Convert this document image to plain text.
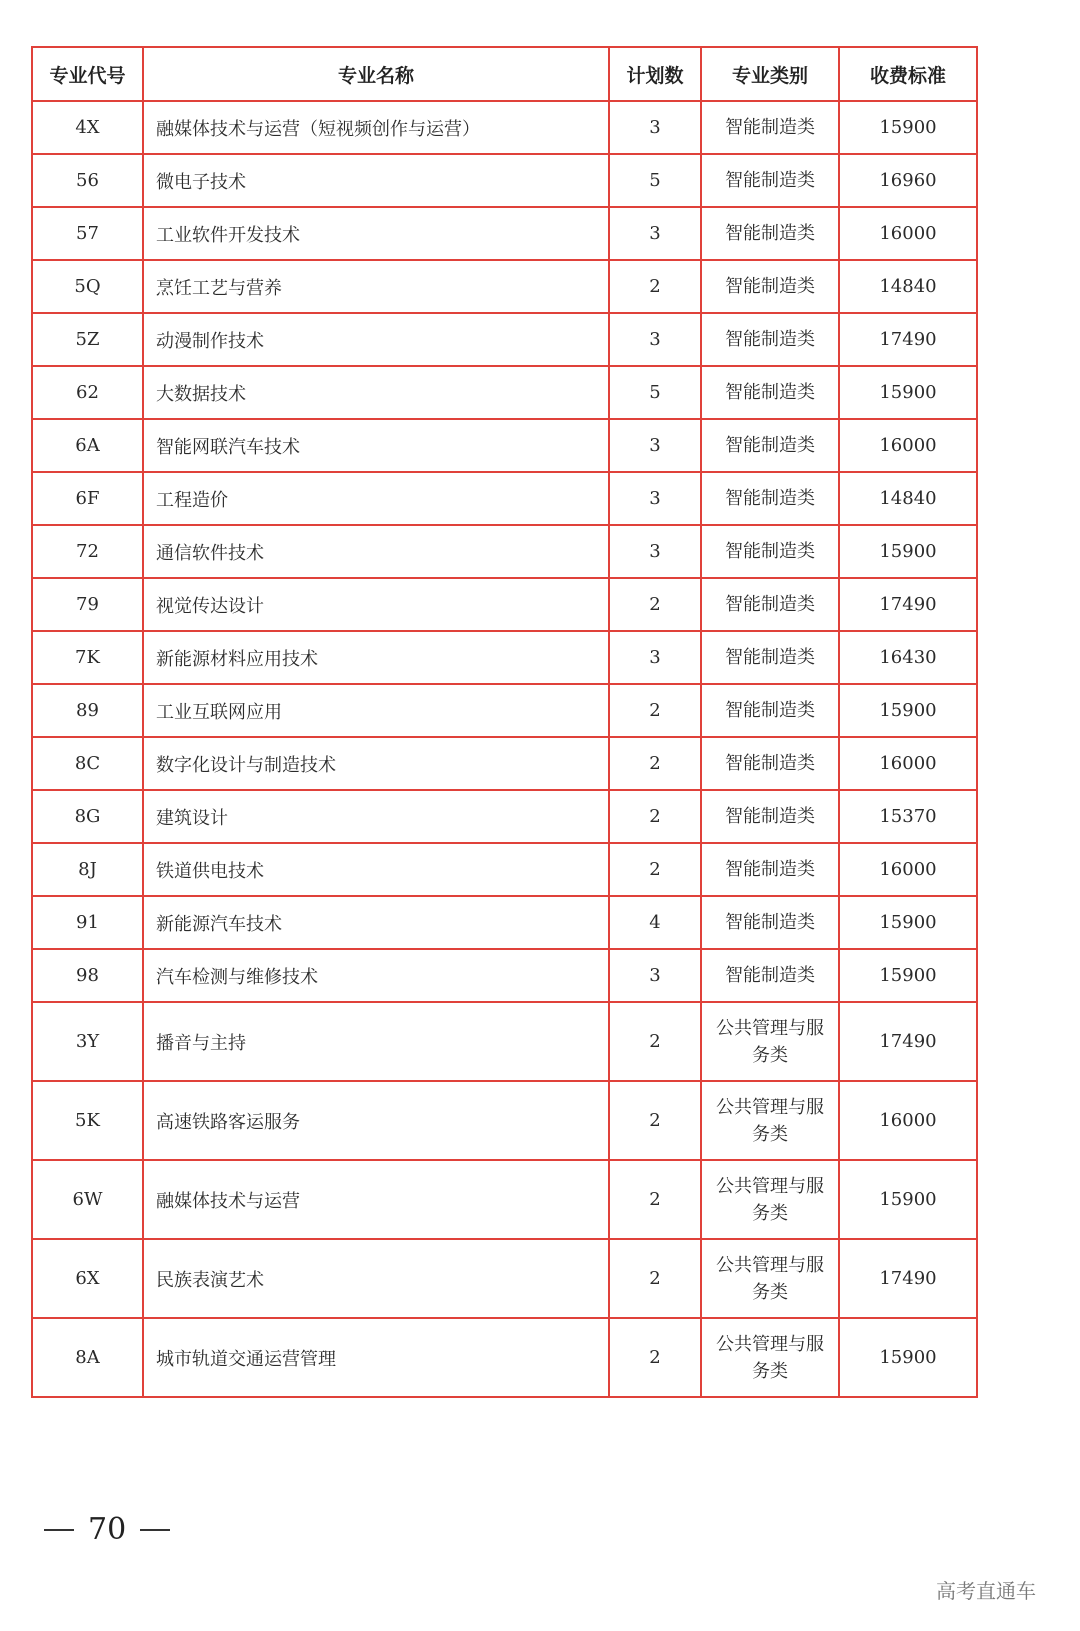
专业代号	专业名称	计划数	专业类别	收费标准
4X	融媒体技术与运营（短视频创作与运营）	3	智能制造类	15900
56	微电子技术	5	智能制造类	16960
57	工业软件开发技术	3	智能制造类	16000
5Q	烹饪工艺与营养	2	智能制造类	14840
5Z	动漫制作技术	3	智能制造类	17490
62	大数据技术	5	智能制造类	15900
6A	智能网联汽车技术	3	智能制造类	16000
6F	工程造价	3	智能制造类	14840
72	通信软件技术	3	智能制造类	15900
79	视觉传达设计	2	智能制造类	17490
7K	新能源材料应用技术	3	智能制造类	16430
89	工业互联网应用	2	智能制造类	15900
8C	数字化设计与制造技术	2	智能制造类	16000
8G	建筑设计	2	智能制造类	15370
8J	铁道供电技术	2	智能制造类	16000
91	新能源汽车技术	4	智能制造类	15900
98	汽车检测与维修技术	3	智能制造类	15900
3Y	播音与主持	2	公共管理与服务类	17490
5K	高速铁路客运服务	2	公共管理与服务类	16000
6W	融媒体技术与运营	2	公共管理与服务类	15900
6X	民族表演艺术	2	公共管理与服务类	17490
8A	城市轨道交通运营管理	2	公共管理与服务类	15900
70
高考直通车
